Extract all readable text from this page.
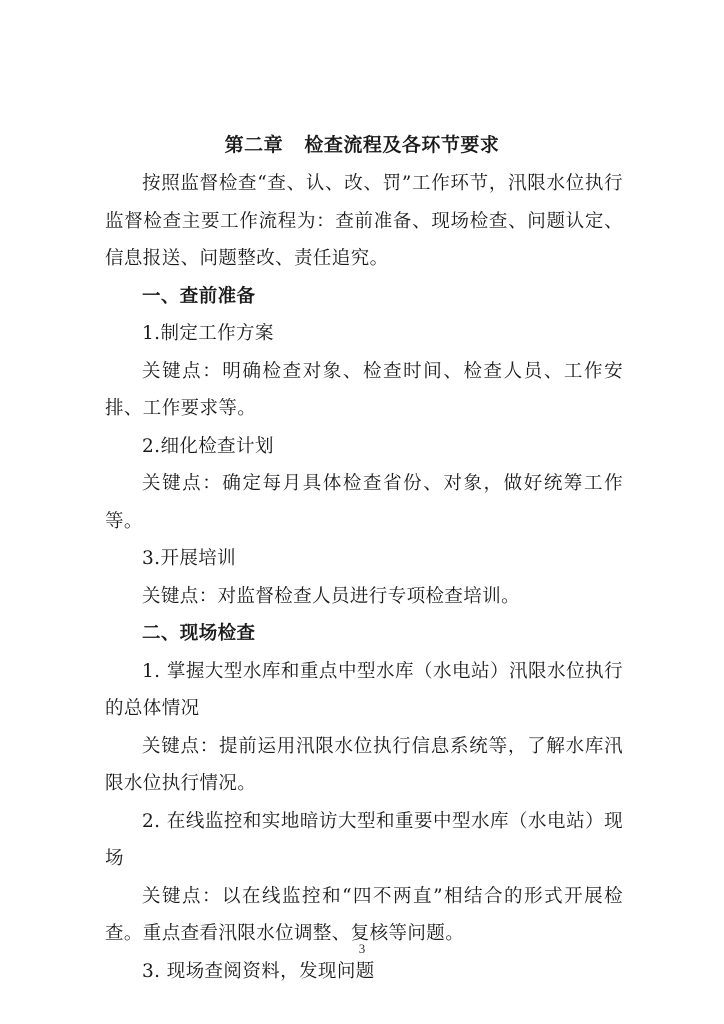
第二章   检查流程及各环节要求

按照监督检查“查、认、改、罚”工作环节，汛限水位执行监督检查主要工作流程为：查前准备、现场检查、问题认定、信息报送、问题整改、责任追究。

一、查前准备

1.制定工作方案

关键点：明确检查对象、检查时间、检查人员、工作安排、工作要求等。

2.细化检查计划

关键点：确定每月具体检查省份、对象，做好统筹工作等。

3.开展培训

关键点：对监督检查人员进行专项检查培训。

二、现场检查

1. 掌握大型水库和重点中型水库（水电站）汛限水位执行的总体情况

关键点：提前运用汛限水位执行信息系统等，了解水库汛限水位执行情况。

2. 在线监控和实地暗访大型和重要中型水库（水电站）现场

关键点：以在线监控和“四不两直”相结合的形式开展检查。重点查看汛限水位调整、复核等问题。

3. 现场查阅资料，发现问题

3
